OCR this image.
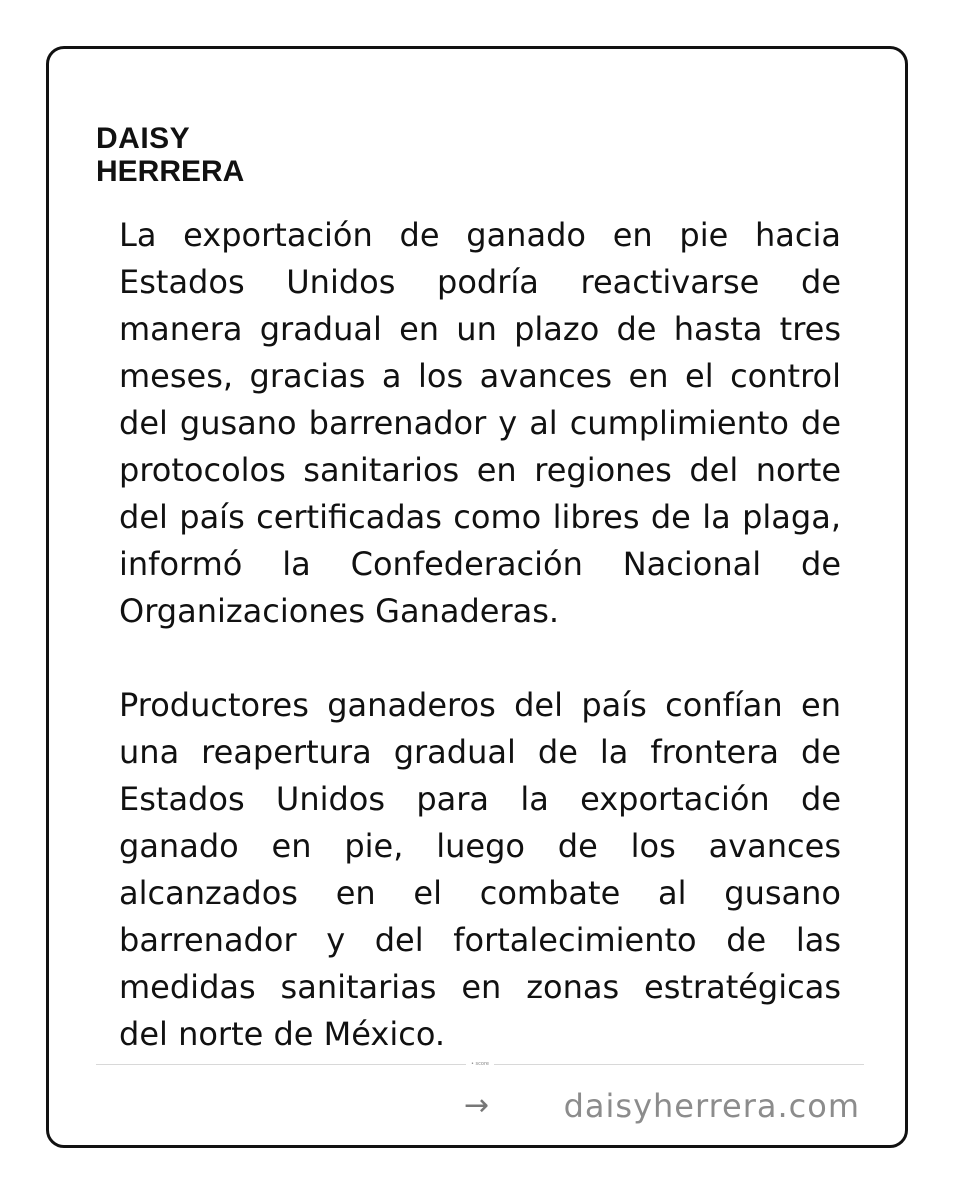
DAISY
HERRERA

La exportación de ganado en pie hacia Estados Unidos podría reactivarse de manera gradual en un plazo de hasta tres meses, gracias a los avances en el control del gusano barrenador y al cumplimiento de protocolos sanitarios en regiones del norte del país certificadas como libres de la plaga, informó la Confederación Nacional de Organizaciones Ganaderas.

Productores ganaderos del país confían en una reapertura gradual de la frontera de Estados Unidos para la exportación de ganado en pie, luego de los avances alcanzados en el combate al gusano barrenador y del fortalecimiento de las medidas sanitarias en zonas estratégicas del norte de México.

• score
→ daisyherrera.com
